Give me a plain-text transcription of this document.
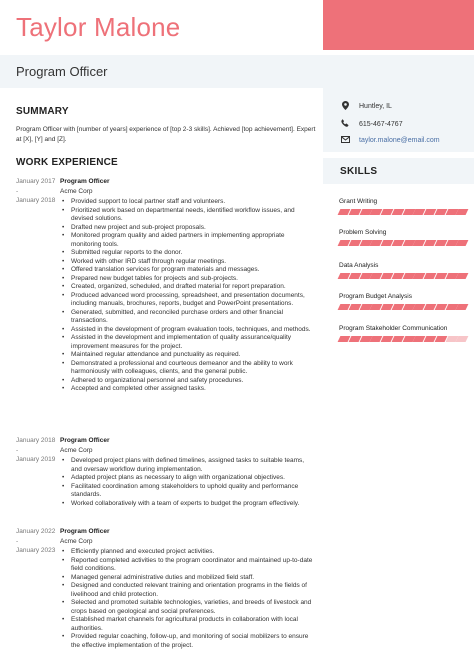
Taylor Malone
Program Officer
Huntley, IL
615-467-4767
taylor.malone@email.com
SKILLS
Grant Writing
Problem Solving
Data Analysis
Program Budget Analysis
Program Stakeholder Communication
SUMMARY
Program Officer with [number of years] experience of [top 2-3 skills]. Achieved [top achievement]. Expert at [X], [Y] and [Z].
WORK EXPERIENCE
January 2017
-
January 2018
Program Officer
Acme Corp
• Provided support to local partner staff and volunteers.
• Prioritized work based on departmental needs, identified workflow issues, and devised solutions.
• Drafted new project and sub-project proposals.
• Monitored program quality and aided partners in implementing appropriate monitoring tools.
• Submitted regular reports to the donor.
• Worked with other IRD staff through regular meetings.
• Offered translation services for program materials and messages.
• Prepared new budget tables for projects and sub-projects.
• Created, organized, scheduled, and drafted material for report preparation.
• Produced advanced word processing, spreadsheet, and presentation documents, including manuals, brochures, reports, budget and PowerPoint presentations.
• Generated, submitted, and reconciled purchase orders and other financial transactions.
• Assisted in the development of program evaluation tools, techniques, and methods.
• Assisted in the development and implementation of quality assurance/quality improvement measures for the project.
• Maintained regular attendance and punctuality as required.
• Demonstrated a professional and courteous demeanor and the ability to work harmoniously with colleagues, clients, and the general public.
• Adhered to organizational personnel and safety procedures.
• Accepted and completed other assigned tasks.
January 2018
-
January 2019
Program Officer
Acme Corp
• Developed project plans with defined timelines, assigned tasks to suitable teams, and oversaw workflow during implementation.
• Adapted project plans as necessary to align with organizational objectives.
• Facilitated coordination among stakeholders to uphold quality and performance standards.
• Worked collaboratively with a team of experts to budget the program effectively.
January 2022
-
January 2023
Program Officer
Acme Corp
• Efficiently planned and executed project activities.
• Reported completed activities to the program coordinator and maintained up-to-date field conditions.
• Managed general administrative duties and mobilized field staff.
• Designed and conducted relevant training and orientation programs in the fields of livelihood and child protection.
• Selected and promoted suitable technologies, varieties, and breeds of livestock and crops based on geological and social preferences.
• Established market channels for agricultural products in collaboration with local authorities.
• Provided regular coaching, follow-up, and monitoring of social mobilizers to ensure the effective implementation of the project.
